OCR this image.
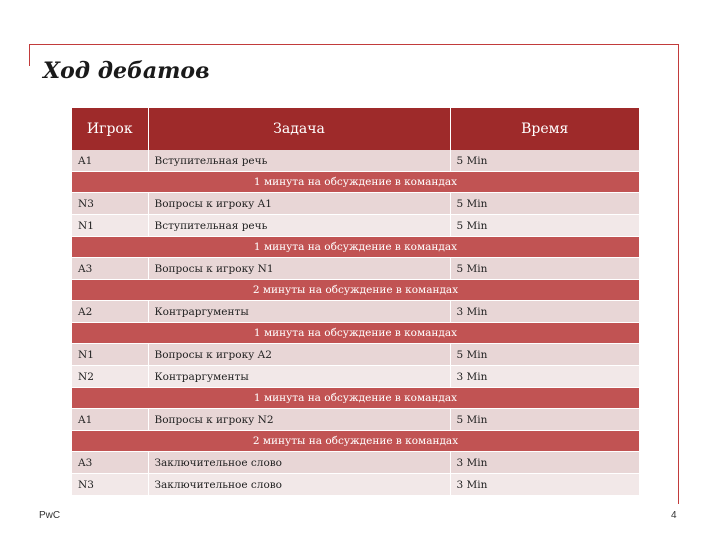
Ход дебатов
Игрок	Задача	Время
A1	Вступительная речь	5 Min
1 минута на обсуждение в командах		
N3	Вопросы к игроку A1	5 Min
N1	Вступительная речь	5 Min
1 минута на обсуждение в командах		
A3	Вопросы к игроку N1	5 Min
2 минуты на обсуждение в командах		
A2	Контраргументы	3 Min
1 минута на обсуждение в командах		
N1	Вопросы к игроку A2	5 Min
N2	Контраргументы	3 Min
1 минута на обсуждение в командах		
A1	Вопросы к игроку N2	5 Min
2 минуты на обсуждение в командах		
A3	Заключительное слово	3 Min
N3	Заключительное слово	3 Min
PwC	4
